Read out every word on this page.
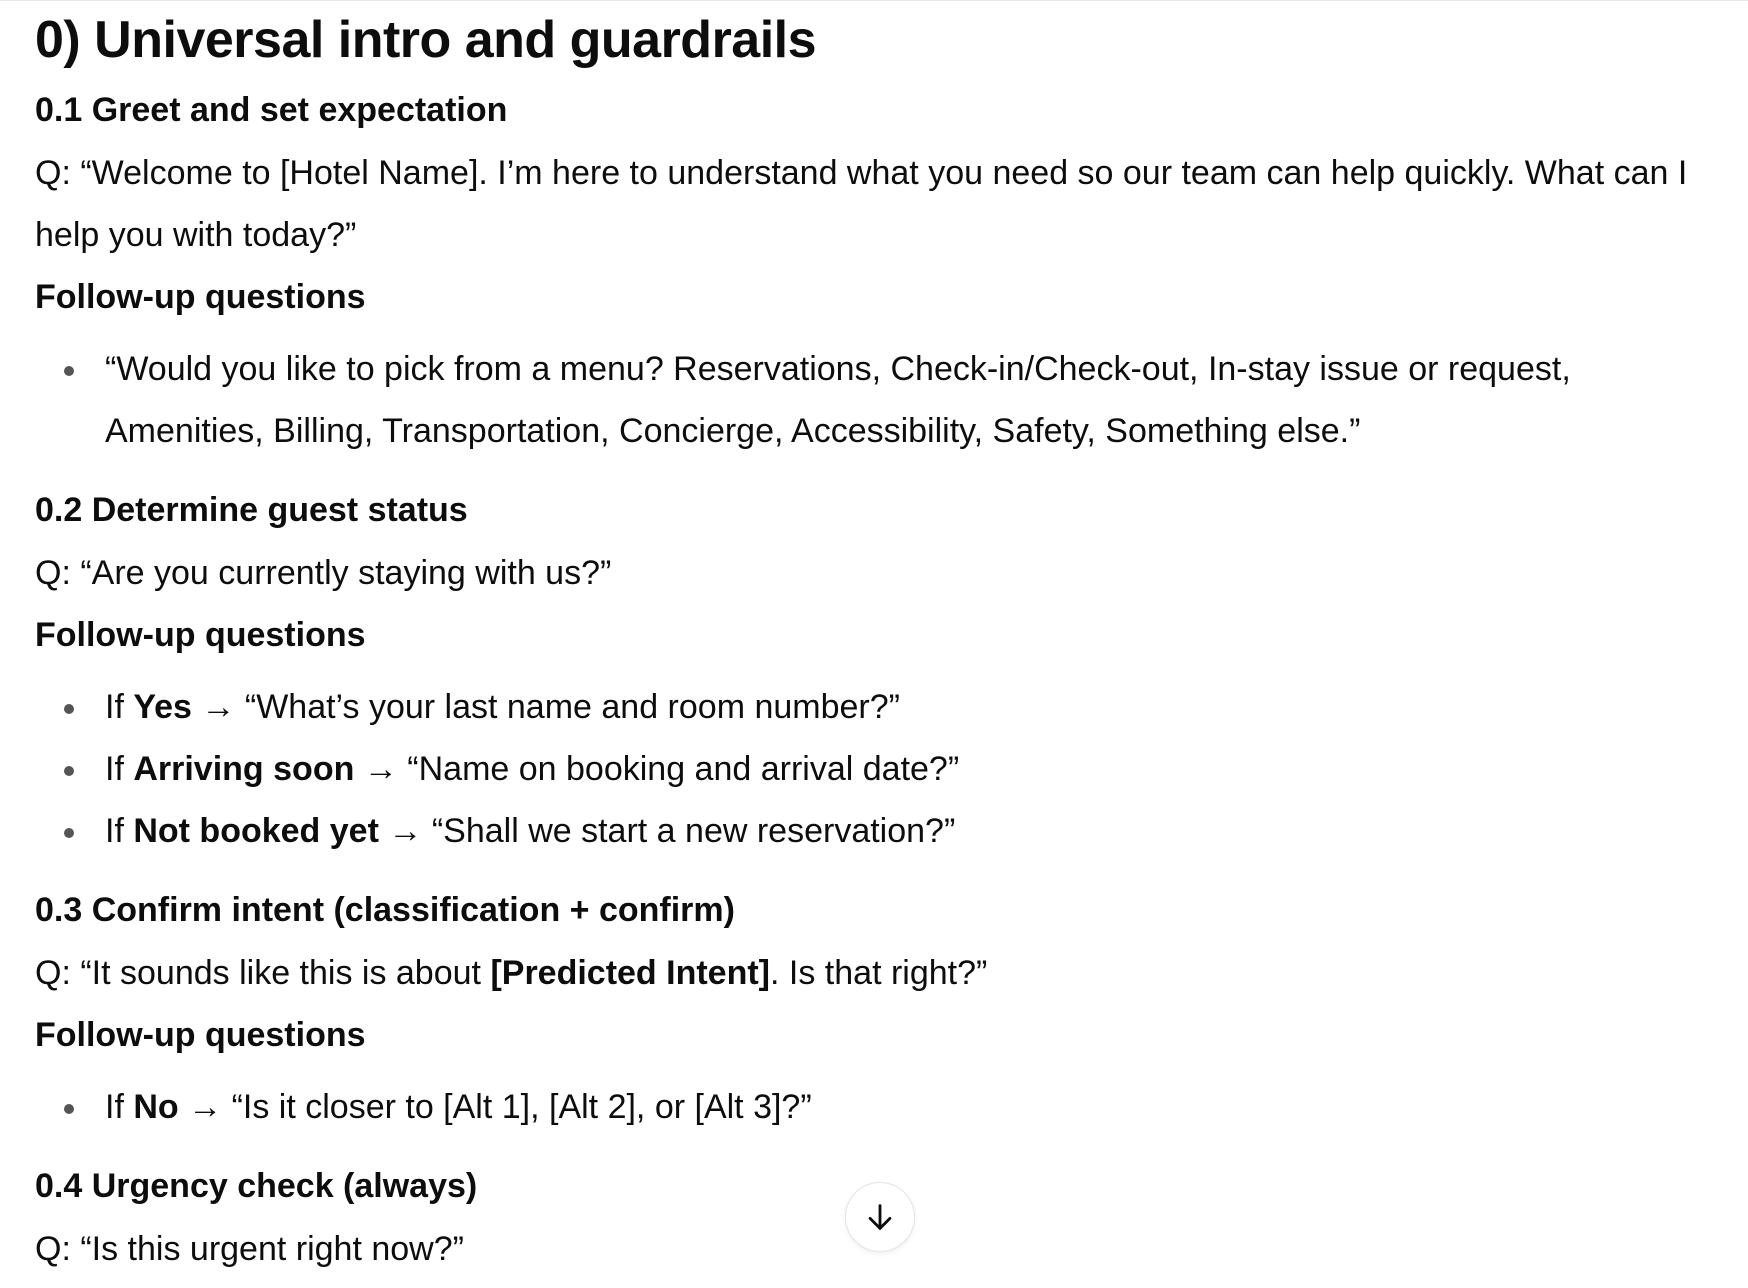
0) Universal intro and guardrails
0.1 Greet and set expectation

Q: “Welcome to [Hotel Name]. I’m here to understand what you need so our team can help quickly. What can I help you with today?”

Follow-up questions

“Would you like to pick from a menu? Reservations, Check-in/Check-out, In-stay issue or request, Amenities, Billing, Transportation, Concierge, Accessibility, Safety, Something else.”
0.2 Determine guest status

Q: “Are you currently staying with us?”

Follow-up questions

If Yes → “What’s your last name and room number?”
If Arriving soon → “Name on booking and arrival date?”
If Not booked yet → “Shall we start a new reservation?”
0.3 Confirm intent (classification + confirm)

Q: “It sounds like this is about [Predicted Intent]. Is that right?”

Follow-up questions

If No → “Is it closer to [Alt 1], [Alt 2], or [Alt 3]?”
0.4 Urgency check (always)

Q: “Is this urgent right now?”
